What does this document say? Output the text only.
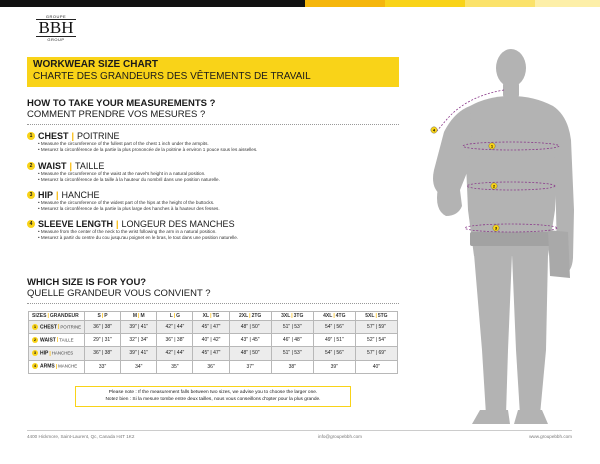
GROUPE
BBH
GROUP
WORKWEAR SIZE CHART
CHARTE DES GRANDEURS DES VÊTEMENTS DE TRAVAIL
HOW TO TAKE YOUR MEASUREMENTS ?
COMMENT PRENDRE VOS MESURES ?
1 CHEST | POITRINE
• Measure the circumference of the fullest part of the chest 1 inch under the armpits.
• Mesurez la circonférence de la partie la plus prononcée de la poitrine à environ 1 pouce sous les aisselles.
2 WAIST | TAILLE
• Measure the circumference of the waist at the navel's height in a natural position.
• Mesurez la circonférence de la taille à la hauteur du nombril dans une position naturelle.
3 HIP | HANCHE
• Measure the circumference of the widest part of the hips at the height of the buttocks.
• Mesurez la circonférence de la partie la plus large des hanches à la hauteur des fesses.
4 SLEEVE LENGTH | LONGEUR DES MANCHES
• Measure from the center of the neck to the wrist following the arm in a natural position.
• Mesurez à partir du centre du cou jusqu'au poignet en le bras, le tout dans une position naturelle.
WHICH SIZE IS FOR YOU?
QUELLE GRANDEUR VOUS CONVIENT ?
SIZES|GRANDEUR	S|P	M|M	L|G	XL|TG	2XL|2TG	3XL|3TG	4XL|4TG	5XL|5TG
1 CHEST|POITRINE	36" | 38"	39" | 41"	42" | 44"	45" | 47"	48" | 50"	51" | 53"	54" | 56"	57" | 59"
2 WAIST|TAILLE	29" | 31"	32" | 34"	36" | 38"	40" | 42"	43" | 45"	46" | 48"	49" | 51"	52" | 54"
3 HIP|HANCHES	36" | 38"	39" | 41"	42" | 44"	45" | 47"	48" | 50"	51" | 53"	54" | 56"	57" | 69"
4 ARMS|MANCHE	33"	34"	35"	36"	37"	38"	39"	40"
Please note : If the measurement falls between two sizes, we advise you to choose the larger one.
Notez bien : Si la mesure tombe entre deux tailles, nous vous conseillons d'opter pour la plus grande.
4400 Hickmore, Saint-Laurent, Qc, Canada H4T 1K2	info@groupebbh.com	www.groupebbh.com
1
2
3
4
